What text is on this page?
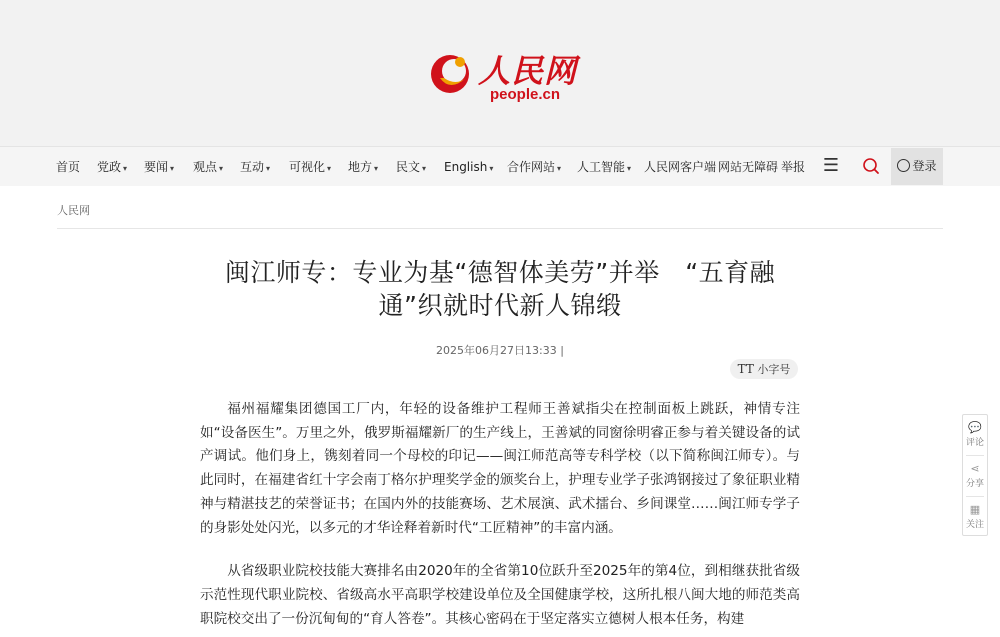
人民网
people.cn
首页 党政 ▾ 要闻 ▾ 观点 ▾ 互动 ▾ 可视化 ▾ 地方 ▾ 民文 ▾ English ▾ 合作网站 ▾ 人工智能 ▾ 人民网客户端 网站无障碍 举报 ☰	登录
人民网
闽江师专：专业为基“德智体美劳”并举　“五育融通”织就时代新人锦缎
2025年06月27日13:33 |
TT 小字号

福州福耀集团德国工厂内，年轻的设备维护工程师王善斌指尖在控制面板上跳跃，神情专注如“设备医生”。万里之外，俄罗斯福耀新厂的生产线上，王善斌的同窗徐明睿正参与着关键设备的试产调试。他们身上，镌刻着同一个母校的印记——闽江师范高等专科学校（以下简称闽江师专）。与此同时，在福建省红十字会南丁格尔护理奖学金的颁奖台上，护理专业学子张鸿钢接过了象征职业精神与精湛技艺的荣誉证书；在国内外的技能赛场、艺术展演、武术擂台、乡间课堂……闽江师专学子的身影处处闪光，以多元的才华诠释着新时代“工匠精神”的丰富内涵。

从省级职业院校技能大赛排名由2020年的全省第10位跃升至2025年的第4位，到相继获批省级示范性现代职业院校、省级高水平高职学校建设单位及全国健康学校，这所扎根八闽大地的师范类高职院校交出了一份沉甸甸的“育人答卷”。其核心密码在于坚定落实立德树人根本任务，构建

💬
评论
⋖
分享
▦
关注
